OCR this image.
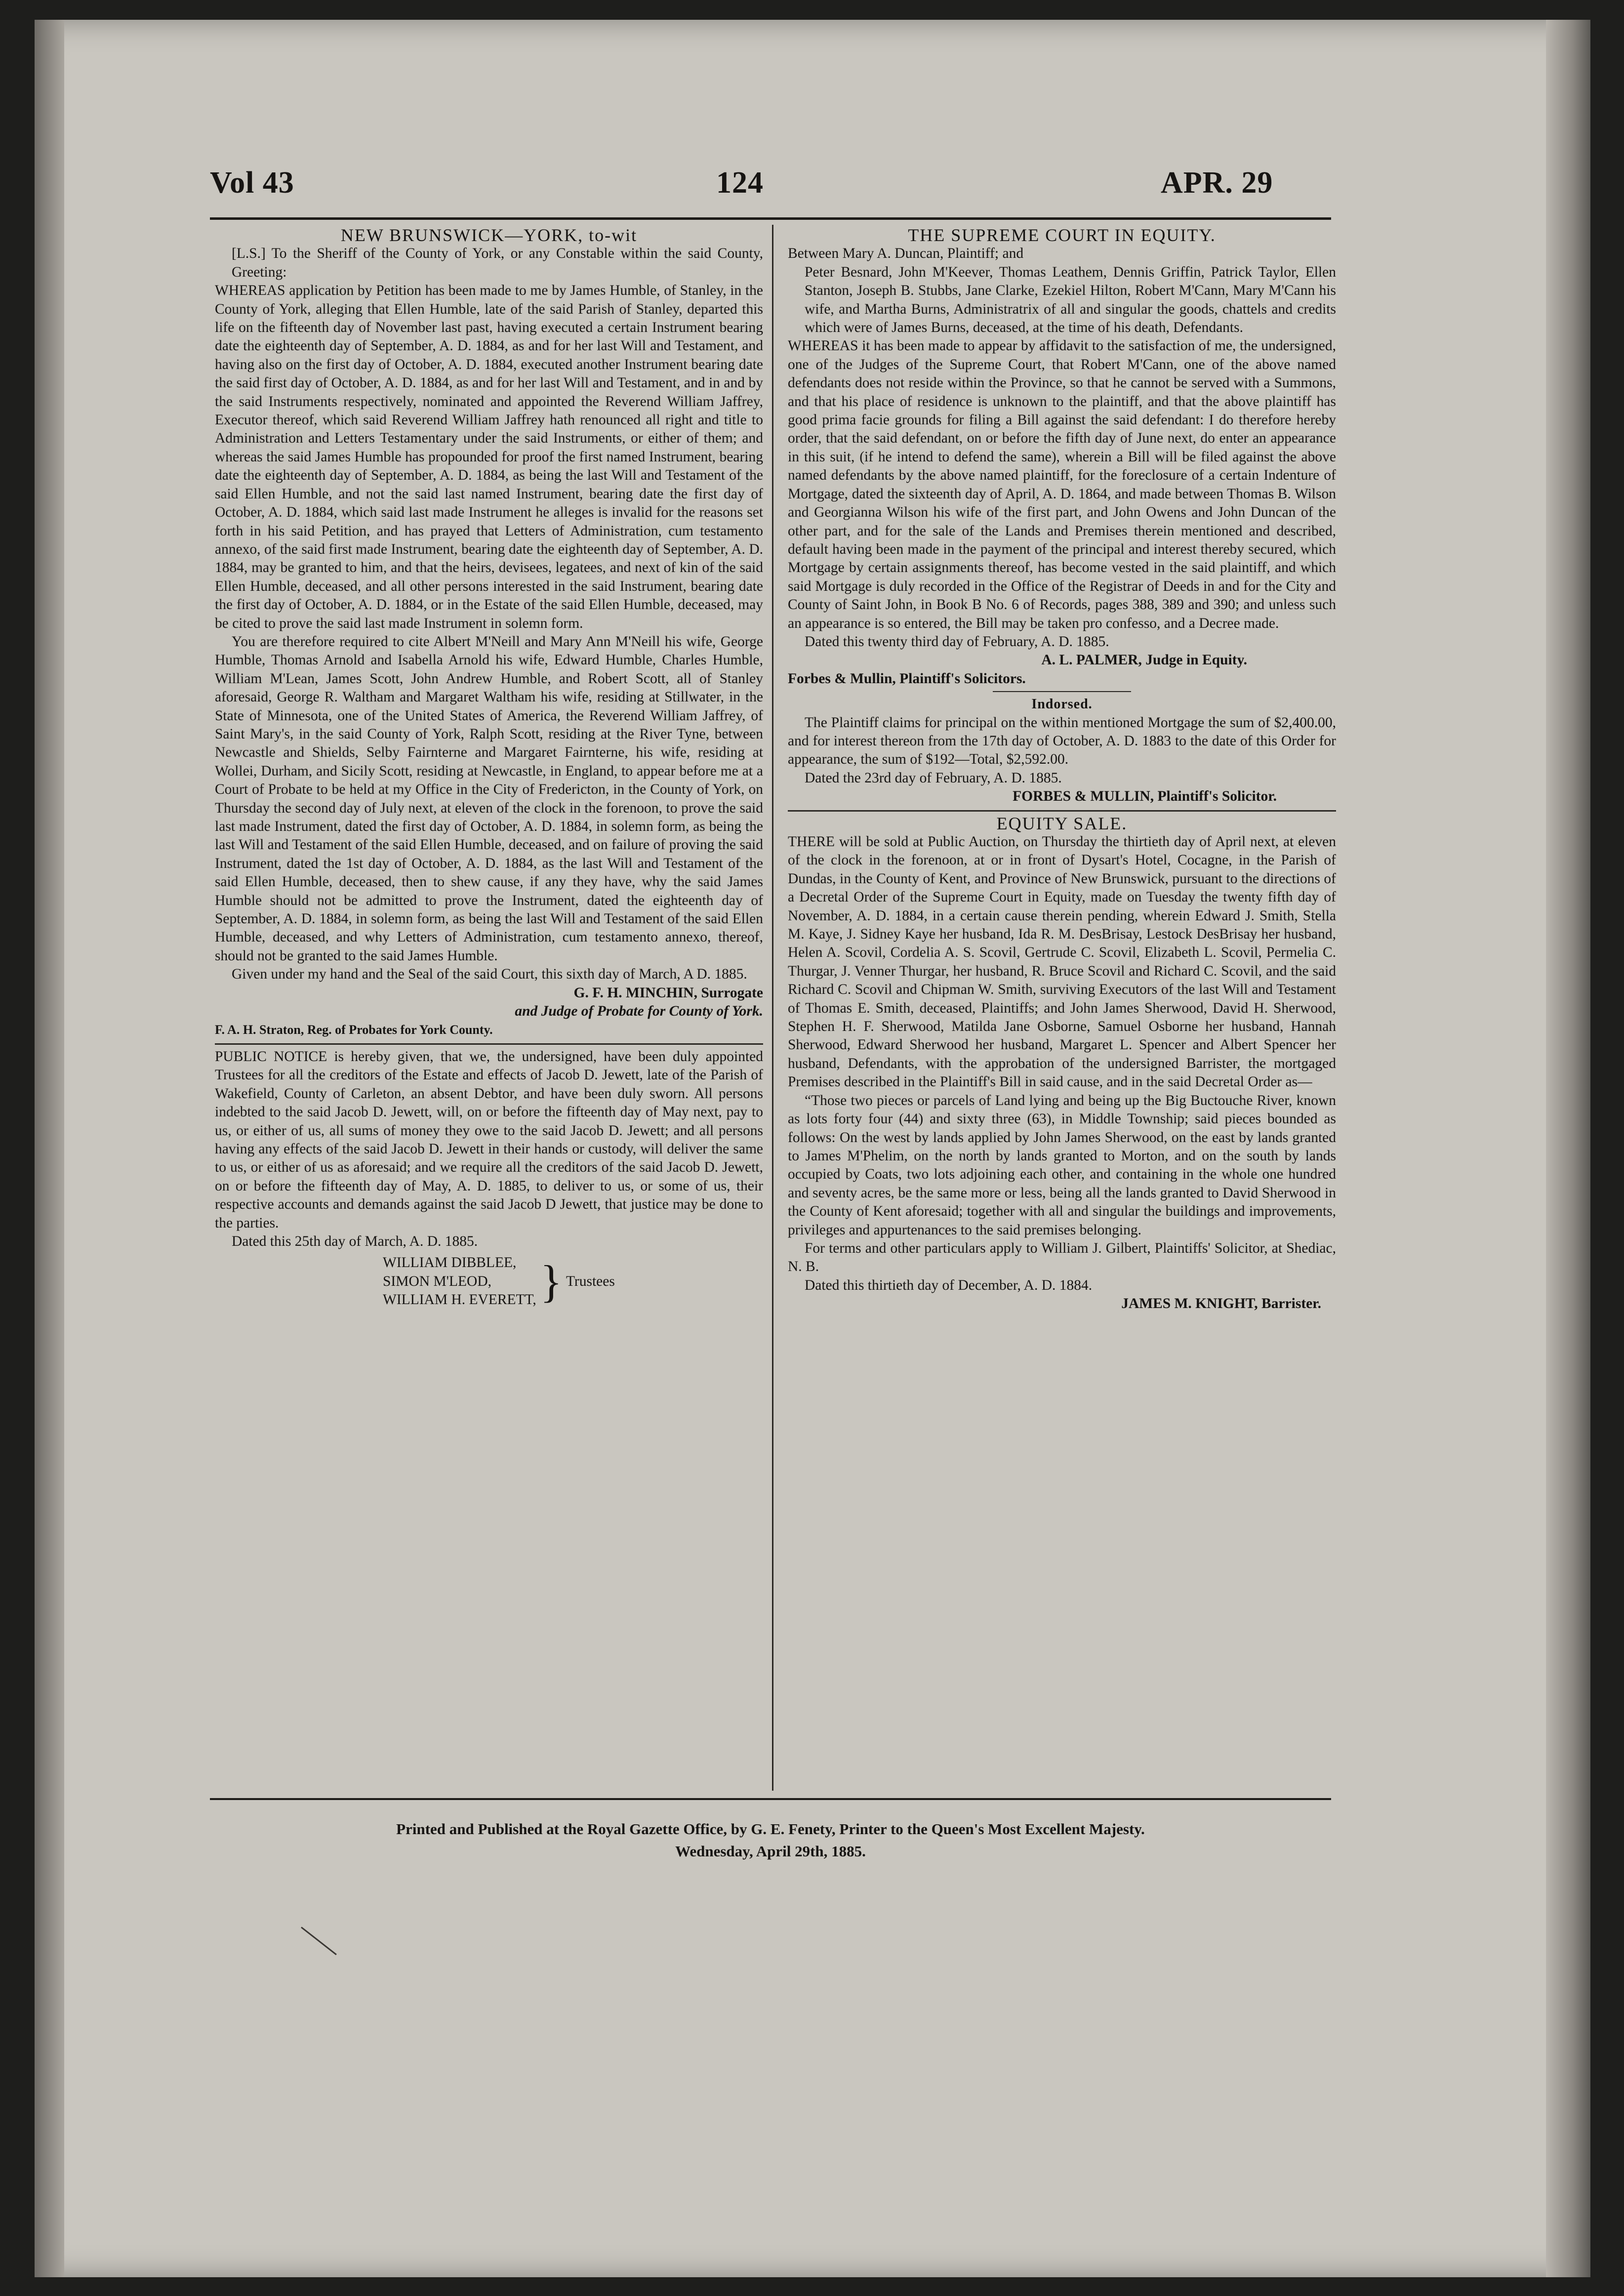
Vol 43	124	APR. 29

NEW BRUNSWICK—YORK, to-wit

[L.S.] To the Sheriff of the County of York, or any Constable within the said County, Greeting:

WHEREAS application by Petition has been made to me by James Humble, of Stanley, in the County of York, alleging that Ellen Humble, late of the said Parish of Stanley, departed this life on the fifteenth day of November last past, having executed a certain Instrument bearing date the eighteenth day of September, A. D. 1884, as and for her last Will and Testament, and having also on the first day of October, A. D. 1884, executed another Instrument bearing date the said first day of October, A. D. 1884, as and for her last Will and Testament, and in and by the said Instruments respectively, nominated and appointed the Reverend William Jaffrey, Executor thereof, which said Reverend William Jaffrey hath renounced all right and title to Administration and Letters Testamentary under the said Instruments, or either of them; and whereas the said James Humble has propounded for proof the first named Instrument, bearing date the eighteenth day of September, A. D. 1884, as being the last Will and Testament of the said Ellen Humble, and not the said last named Instrument, bearing date the first day of October, A. D. 1884, which said last made Instrument he alleges is invalid for the reasons set forth in his said Petition, and has prayed that Letters of Administration, cum testamento annexo, of the said first made Instrument, bearing date the eighteenth day of September, A. D. 1884, may be granted to him, and that the heirs, devisees, legatees, and next of kin of the said Ellen Humble, deceased, and all other persons interested in the said Instrument, bearing date the first day of October, A. D. 1884, or in the Estate of the said Ellen Humble, deceased, may be cited to prove the said last made Instrument in solemn form.

You are therefore required to cite Albert M'Neill and Mary Ann M'Neill his wife, George Humble, Thomas Arnold and Isabella Arnold his wife, Edward Humble, Charles Humble, William M'Lean, James Scott, John Andrew Humble, and Robert Scott, all of Stanley aforesaid, George R. Waltham and Margaret Waltham his wife, residing at Stillwater, in the State of Minnesota, one of the United States of America, the Reverend William Jaffrey, of Saint Mary's, in the said County of York, Ralph Scott, residing at the River Tyne, between Newcastle and Shields, Selby Fairnterne and Margaret Fairnterne, his wife, residing at Wollei, Durham, and Sicily Scott, residing at Newcastle, in England, to appear before me at a Court of Probate to be held at my Office in the City of Fredericton, in the County of York, on Thursday the second day of July next, at eleven of the clock in the forenoon, to prove the said last made Instrument, dated the first day of October, A. D. 1884, in solemn form, as being the last Will and Testament of the said Ellen Humble, deceased, and on failure of proving the said Instrument, dated the 1st day of October, A. D. 1884, as the last Will and Testament of the said Ellen Humble, deceased, then to shew cause, if any they have, why the said James Humble should not be admitted to prove the Instrument, dated the eighteenth day of September, A. D. 1884, in solemn form, as being the last Will and Testament of the said Ellen Humble, deceased, and why Letters of Administration, cum testamento annexo, thereof, should not be granted to the said James Humble.

Given under my hand and the Seal of the said Court, this sixth day of March, A D. 1885.

G. F. H. MINCHIN, Surrogate

and Judge of Probate for County of York.

F. A. H. Straton, Reg. of Probates for York County.

PUBLIC NOTICE is hereby given, that we, the undersigned, have been duly appointed Trustees for all the creditors of the Estate and effects of Jacob D. Jewett, late of the Parish of Wakefield, County of Carleton, an absent Debtor, and have been duly sworn. All persons indebted to the said Jacob D. Jewett, will, on or before the fifteenth day of May next, pay to us, or either of us, all sums of money they owe to the said Jacob D. Jewett; and all persons having any effects of the said Jacob D. Jewett in their hands or custody, will deliver the same to us, or either of us as aforesaid; and we require all the creditors of the said Jacob D. Jewett, on or before the fifteenth day of May, A. D. 1885, to deliver to us, or some of us, their respective accounts and demands against the said Jacob D Jewett, that justice may be done to the parties.

Dated this 25th day of March, A. D. 1885.

WILLIAM DIBBLEE,
SIMON M'LEOD,
WILLIAM H. EVERETT, } Trustees

THE SUPREME COURT IN EQUITY.

Between Mary A. Duncan, Plaintiff; and

Peter Besnard, John M'Keever, Thomas Leathem, Dennis Griffin, Patrick Taylor, Ellen Stanton, Joseph B. Stubbs, Jane Clarke, Ezekiel Hilton, Robert M'Cann, Mary M'Cann his wife, and Martha Burns, Administratrix of all and singular the goods, chattels and credits which were of James Burns, deceased, at the time of his death, Defendants.

WHEREAS it has been made to appear by affidavit to the satisfaction of me, the undersigned, one of the Judges of the Supreme Court, that Robert M'Cann, one of the above named defendants does not reside within the Province, so that he cannot be served with a Summons, and that his place of residence is unknown to the plaintiff, and that the above plaintiff has good prima facie grounds for filing a Bill against the said defendant: I do therefore hereby order, that the said defendant, on or before the fifth day of June next, do enter an appearance in this suit, (if he intend to defend the same), wherein a Bill will be filed against the above named defendants by the above named plaintiff, for the foreclosure of a certain Indenture of Mortgage, dated the sixteenth day of April, A. D. 1864, and made between Thomas B. Wilson and Georgianna Wilson his wife of the first part, and John Owens and John Duncan of the other part, and for the sale of the Lands and Premises therein mentioned and described, default having been made in the payment of the principal and interest thereby secured, which Mortgage by certain assignments thereof, has become vested in the said plaintiff, and which said Mortgage is duly recorded in the Office of the Registrar of Deeds in and for the City and County of Saint John, in Book B No. 6 of Records, pages 388, 389 and 390; and unless such an appearance is so entered, the Bill may be taken pro confesso, and a Decree made.

Dated this twenty third day of February, A. D. 1885.

A. L. PALMER, Judge in Equity.

Forbes & Mullin, Plaintiff's Solicitors.

Indorsed.

The Plaintiff claims for principal on the within mentioned Mortgage the sum of $2,400.00, and for interest thereon from the 17th day of October, A. D. 1883 to the date of this Order for appearance, the sum of $192—Total, $2,592.00.

Dated the 23rd day of February, A. D. 1885.

FORBES & MULLIN, Plaintiff's Solicitor.

EQUITY SALE.

THERE will be sold at Public Auction, on Thursday the thirtieth day of April next, at eleven of the clock in the forenoon, at or in front of Dysart's Hotel, Cocagne, in the Parish of Dundas, in the County of Kent, and Province of New Brunswick, pursuant to the directions of a Decretal Order of the Supreme Court in Equity, made on Tuesday the twenty fifth day of November, A. D. 1884, in a certain cause therein pending, wherein Edward J. Smith, Stella M. Kaye, J. Sidney Kaye her husband, Ida R. M. DesBrisay, Lestock DesBrisay her husband, Helen A. Scovil, Cordelia A. S. Scovil, Gertrude C. Scovil, Elizabeth L. Scovil, Permelia C. Thurgar, J. Venner Thurgar, her husband, R. Bruce Scovil and Richard C. Scovil, and the said Richard C. Scovil and Chipman W. Smith, surviving Executors of the last Will and Testament of Thomas E. Smith, deceased, Plaintiffs; and John James Sherwood, David H. Sherwood, Stephen H. F. Sherwood, Matilda Jane Osborne, Samuel Osborne her husband, Hannah Sherwood, Edward Sherwood her husband, Margaret L. Spencer and Albert Spencer her husband, Defendants, with the approbation of the undersigned Barrister, the mortgaged Premises described in the Plaintiff's Bill in said cause, and in the said Decretal Order as—

“Those two pieces or parcels of Land lying and being up the Big Buctouche River, known as lots forty four (44) and sixty three (63), in Middle Township; said pieces bounded as follows: On the west by lands applied by John James Sherwood, on the east by lands granted to James M'Phelim, on the north by lands granted to Morton, and on the south by lands occupied by Coats, two lots adjoining each other, and containing in the whole one hundred and seventy acres, be the same more or less, being all the lands granted to David Sherwood in the County of Kent aforesaid; together with all and singular the buildings and improvements, privileges and appurtenances to the said premises belonging.

For terms and other particulars apply to William J. Gilbert, Plaintiffs' Solicitor, at Shediac, N. B.

Dated this thirtieth day of December, A. D. 1884.

JAMES M. KNIGHT, Barrister.

Printed and Published at the Royal Gazette Office, by G. E. Fenety, Printer to the Queen's Most Excellent Majesty.
Wednesday, April 29th, 1885.
